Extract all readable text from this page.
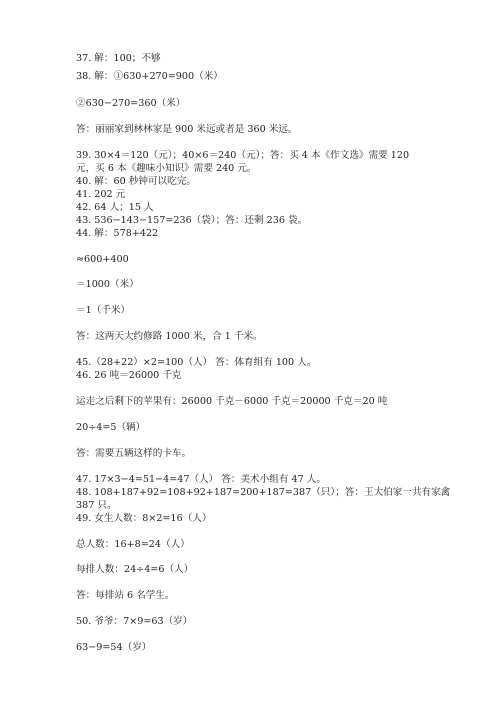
37. 解：100；不够
38. 解：①630+270=900（米）
②630−270=360（米）
答：丽丽家到林林家是 900 米远或者是 360 米远。
39. 30×4＝120（元）；40×6＝240（元）；答：买 4 本《作文选》需要 120
元，买 6 本《趣味小知识》需要 240 元。
40. 解：60 秒钟可以吃完。
41. 202 元
42. 64 人；15 人
43. 536−143−157=236（袋）；答：还剩 236 袋。
44. 解：578+422
≈600+400
＝1000（米）
＝1（千米）
答：这两天大约修路 1000 米，合 1 千米。
45.（28+22）×2=100（人） 答：体育组有 100 人。
46. 26 吨＝26000 千克
运走之后剩下的苹果有：26000 千克－6000 千克＝20000 千克＝20 吨
20÷4=5（辆）
答：需要五辆这样的卡车。
47. 17×3−4=51−4=47（人） 答：美术小组有 47 人。
48. 108+187+92=108+92+187=200+187=387（只）；答：王大伯家一共有家禽
387 只。
49. 女生人数：8×2=16（人）
总人数：16+8=24（人）
每排人数：24÷4=6（人）
答：每排站 6 名学生。
50. 爷爷：7×9=63（岁）
63−9=54（岁）
